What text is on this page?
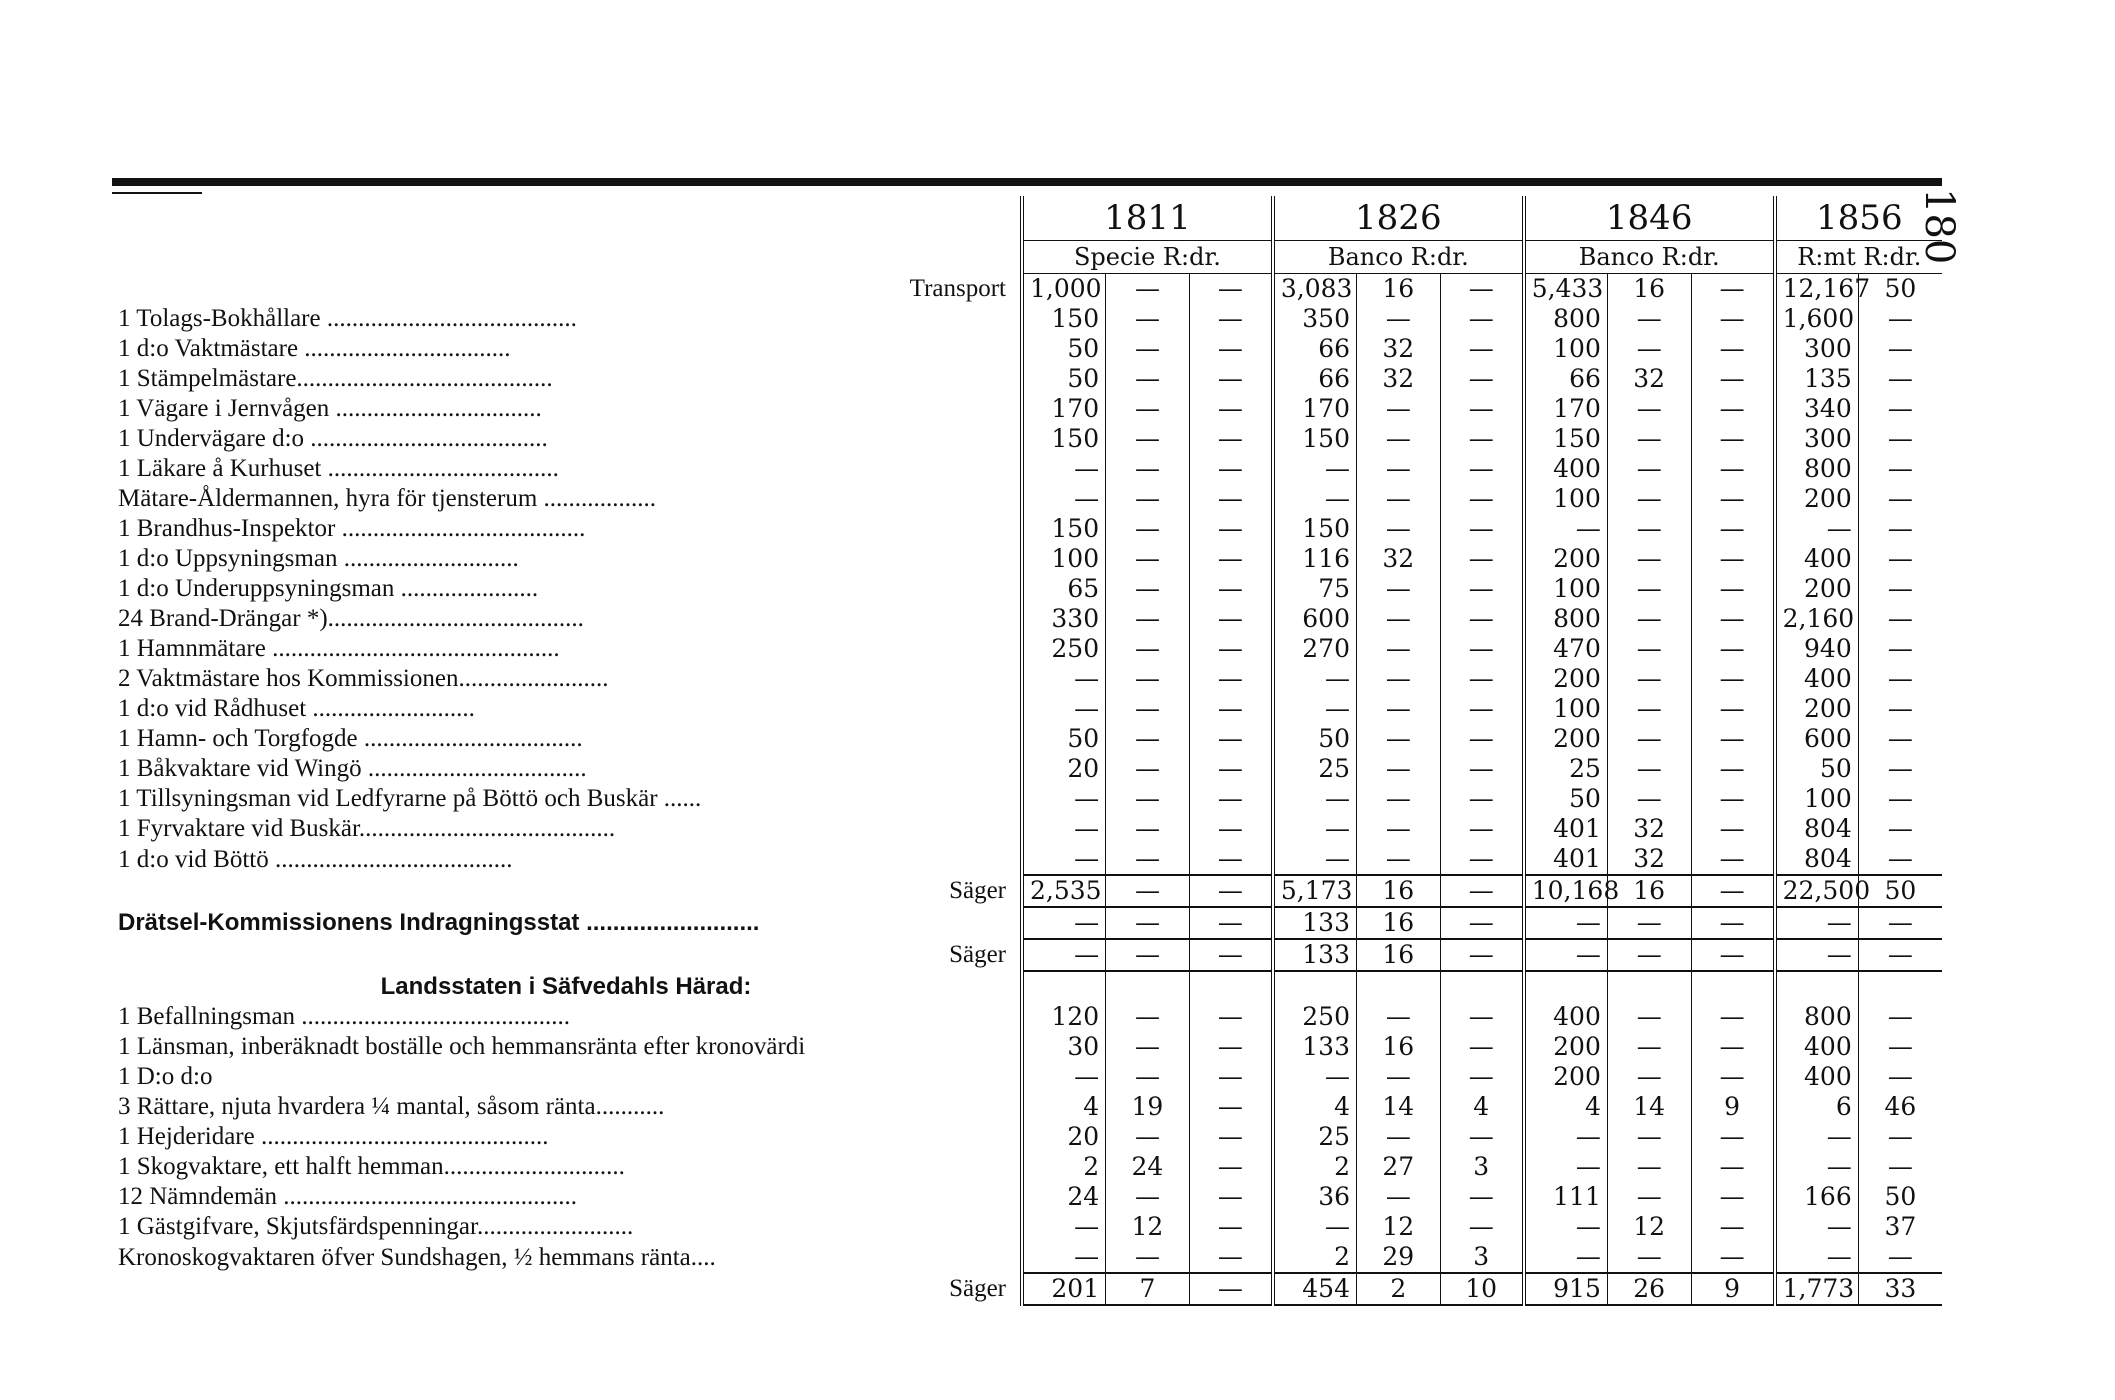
180
	1811			1826			1846			1856	
	Specie R:dr.			Banco R:dr.			Banco R:dr.			R:mt R:dr.	
Transport	1,000	—	—	3,083	16	—	5,433	16	—	12,167	50
1 Tolags-Bokhållare ........................................	150	—	—	350	—	—	800	—	—	1,600	—
1 d:o Vaktmästare .................................	50	—	—	66	32	—	100	—	—	300	—
1 Stämpelmästare.........................................	50	—	—	66	32	—	66	32	—	135	—
1 Vägare i Jernvågen .................................	170	—	—	170	—	—	170	—	—	340	—
1 Undervägare d:o ......................................	150	—	—	150	—	—	150	—	—	300	—
1 Läkare å Kurhuset .....................................	—	—	—	—	—	—	400	—	—	800	—
Mätare-Åldermannen, hyra för tjensterum ..................	—	—	—	—	—	—	100	—	—	200	—
1 Brandhus-Inspektor .......................................	150	—	—	150	—	—	—	—	—	—	—
1 d:o Uppsyningsman ............................	100	—	—	116	32	—	200	—	—	400	—
1 d:o Underuppsyningsman ......................	65	—	—	75	—	—	100	—	—	200	—
24 Brand-Drängar *).........................................	330	—	—	600	—	—	800	—	—	2,160	—
1 Hamnmätare ..............................................	250	—	—	270	—	—	470	—	—	940	—
2 Vaktmästare hos Kommissionen........................	—	—	—	—	—	—	200	—	—	400	—
1 d:o vid Rådhuset ..........................	—	—	—	—	—	—	100	—	—	200	—
1 Hamn- och Torgfogde ...................................	50	—	—	50	—	—	200	—	—	600	—
1 Båkvaktare vid Wingö ...................................	20	—	—	25	—	—	25	—	—	50	—
1 Tillsyningsman vid Ledfyrarne på Böttö och Buskär ......	—	—	—	—	—	—	50	—	—	100	—
1 Fyrvaktare vid Buskär.........................................	—	—	—	—	—	—	401	32	—	804	—
1 d:o vid Böttö ......................................	—	—	—	—	—	—	401	32	—	804	—
Säger	2,535	—	—	5,173	16	—	10,168	16	—	22,500	50
Drätsel-Kommissionens Indragningsstat ..........................	—	—	—	133	16	—	—	—	—	—	—
Säger	—	—	—	133	16	—	—	—	—	—	—
Landsstaten i Säfvedahls Härad:											
1 Befallningsman ...........................................	120	—	—	250	—	—	400	—	—	800	—
1 Länsman, inberäknadt boställe och hemmansränta efter kronovärdi	30	—	—	133	16	—	200	—	—	400	—
1 D:o d:o	—	—	—	—	—	—	200	—	—	400	—
3 Rättare, njuta hvardera ¼ mantal, såsom ränta...........	4	19	—	4	14	4	4	14	9	6	46
1 Hejderidare ..............................................	20	—	—	25	—	—	—	—	—	—	—
1 Skogvaktare, ett halft hemman.............................	2	24	—	2	27	3	—	—	—	—	—
12 Nämndemän ...............................................	24	—	—	36	—	—	111	—	—	166	50
1 Gästgifvare, Skjutsfärdspenningar.........................	—	12	—	—	12	—	—	12	—	—	37
Kronoskogvaktaren öfver Sundshagen, ½ hemmans ränta....	—	—	—	2	29	3	—	—	—	—	—
Säger	201	7	—	454	2	10	915	26	9	1,773	33
